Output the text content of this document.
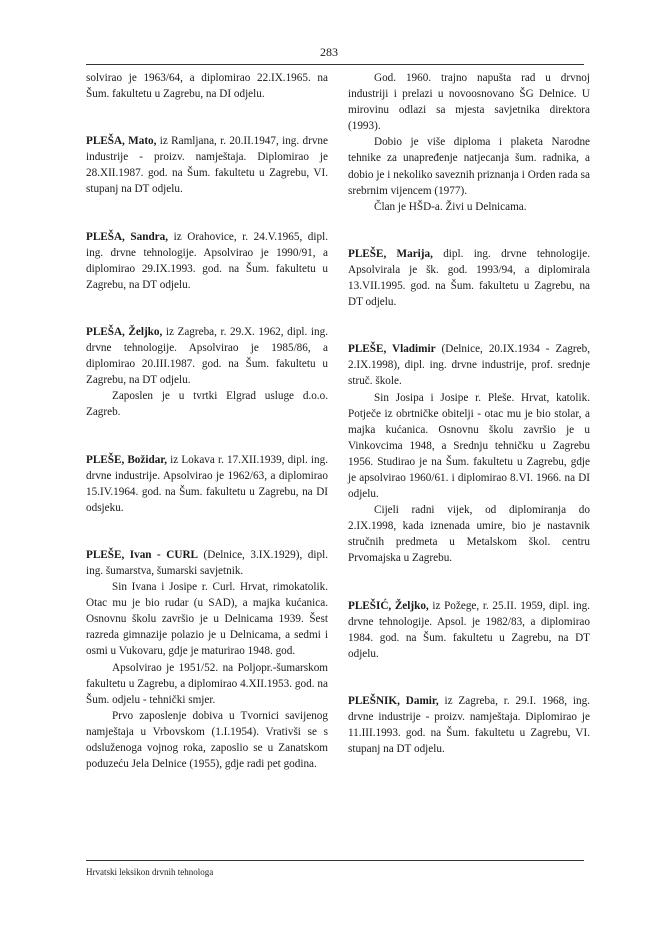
283

solvirao je 1963/64, a diplomirao 22.IX.1965. na Šum. fakultetu u Zagrebu, na DI odjelu.

PLEŠA, Mato, iz Ramljana, r. 20.II.1947, ing. drvne industrije - proizv. namještaja. Diplomirao je 28.XII.1987. god. na Šum. fakultetu u Zagrebu, VI. stupanj na DT odjelu.

PLEŠA, Sandra, iz Orahovice, r. 24.V.1965, dipl. ing. drvne tehnologije. Apsolvirao je 1990/91, a diplomirao 29.IX.1993. god. na Šum. fakultetu u Zagrebu, na DT odjelu.

PLEŠA, Željko, iz Zagreba, r. 29.X. 1962, dipl. ing. drvne tehnologije. Apsolvirao je 1985/86, a diplomirao 20.III.1987. god. na Šum. fakultetu u Zagrebu, na DT odjelu.

Zaposlen je u tvrtki Elgrad usluge d.o.o. Zagreb.

PLEŠE, Božidar, iz Lokava r. 17.XII.1939, dipl. ing. drvne industrije. Apsolvirao je 1962/63, a diplomirao 15.IV.1964. god. na Šum. fakultetu u Zagrebu, na DI odsjeku.

PLEŠE, Ivan - CURL (Delnice, 3.IX.1929), dipl. ing. šumarstva, šumarski savjetnik.

Sin Ivana i Josipe r. Curl. Hrvat, rimokatolik. Otac mu je bio rudar (u SAD), a majka kućanica. Osnovnu školu završio je u Delnicama 1939. Šest razreda gimnazije polazio je u Delnicama, a sedmi i osmi u Vukovaru, gdje je maturirao 1948. god.

Apsolvirao je 1951/52. na Poljopr.-šumarskom fakultetu u Zagrebu, a diplomirao 4.XII.1953. god. na Šum. odjelu - tehnički smjer.

Prvo zaposlenje dobiva u Tvornici savijenog namještaja u Vrbovskom (1.I.1954). Vrativši se s odsluženoga vojnog roka, zaposlio se u Zanatskom poduzeću Jela Delnice (1955), gdje radi pet godina.

God. 1960. trajno napušta rad u drvnoj industriji i prelazi u novoosnovano ŠG Delnice. U mirovinu odlazi sa mjesta savjetnika direktora (1993).

Dobio je više diploma i plaketa Narodne tehnike za unapređenje natjecanja šum. radnika, a dobio je i nekoliko saveznih priznanja i Orden rada sa srebrnim vijencem (1977).

Član je HŠD-a. Živi u Delnicama.

PLEŠE, Marija, dipl. ing. drvne tehnologije. Apsolvirala je šk. god. 1993/94, a diplomirala 13.VII.1995. god. na Šum. fakultetu u Zagrebu, na DT odjelu.

PLEŠE, Vladimir (Delnice, 20.IX.1934 - Zagreb, 2.IX.1998), dipl. ing. drvne industrije, prof. srednje struč. škole.

Sin Josipa i Josipe r. Pleše. Hrvat, katolik. Potječe iz obrtničke obitelji - otac mu je bio stolar, a majka kućanica. Osnovnu školu završio je u Vinkovcima 1948, a Srednju tehničku u Zagrebu 1956. Studirao je na Šum. fakultetu u Zagrebu, gdje je apsolvirao 1960/61. i diplomirao 8.VI. 1966. na DI odjelu.

Cijeli radni vijek, od diplomiranja do 2.IX.1998, kada iznenada umire, bio je nastavnik stručnih predmeta u Metalskom škol. centru Prvomajska u Zagrebu.

PLEŠIĆ, Željko, iz Požege, r. 25.II. 1959, dipl. ing. drvne tehnologije. Apsol. je 1982/83, a diplomirao 1984. god. na Šum. fakultetu u Zagrebu, na DT odjelu.

PLEŠNIK, Damir, iz Zagreba, r. 29.I. 1968, ing. drvne industrije - proizv. namještaja. Diplomirao je 11.III.1993. god. na Šum. fakultetu u Zagrebu, VI. stupanj na DT odjelu.

Hrvatski leksikon drvnih tehnologa
